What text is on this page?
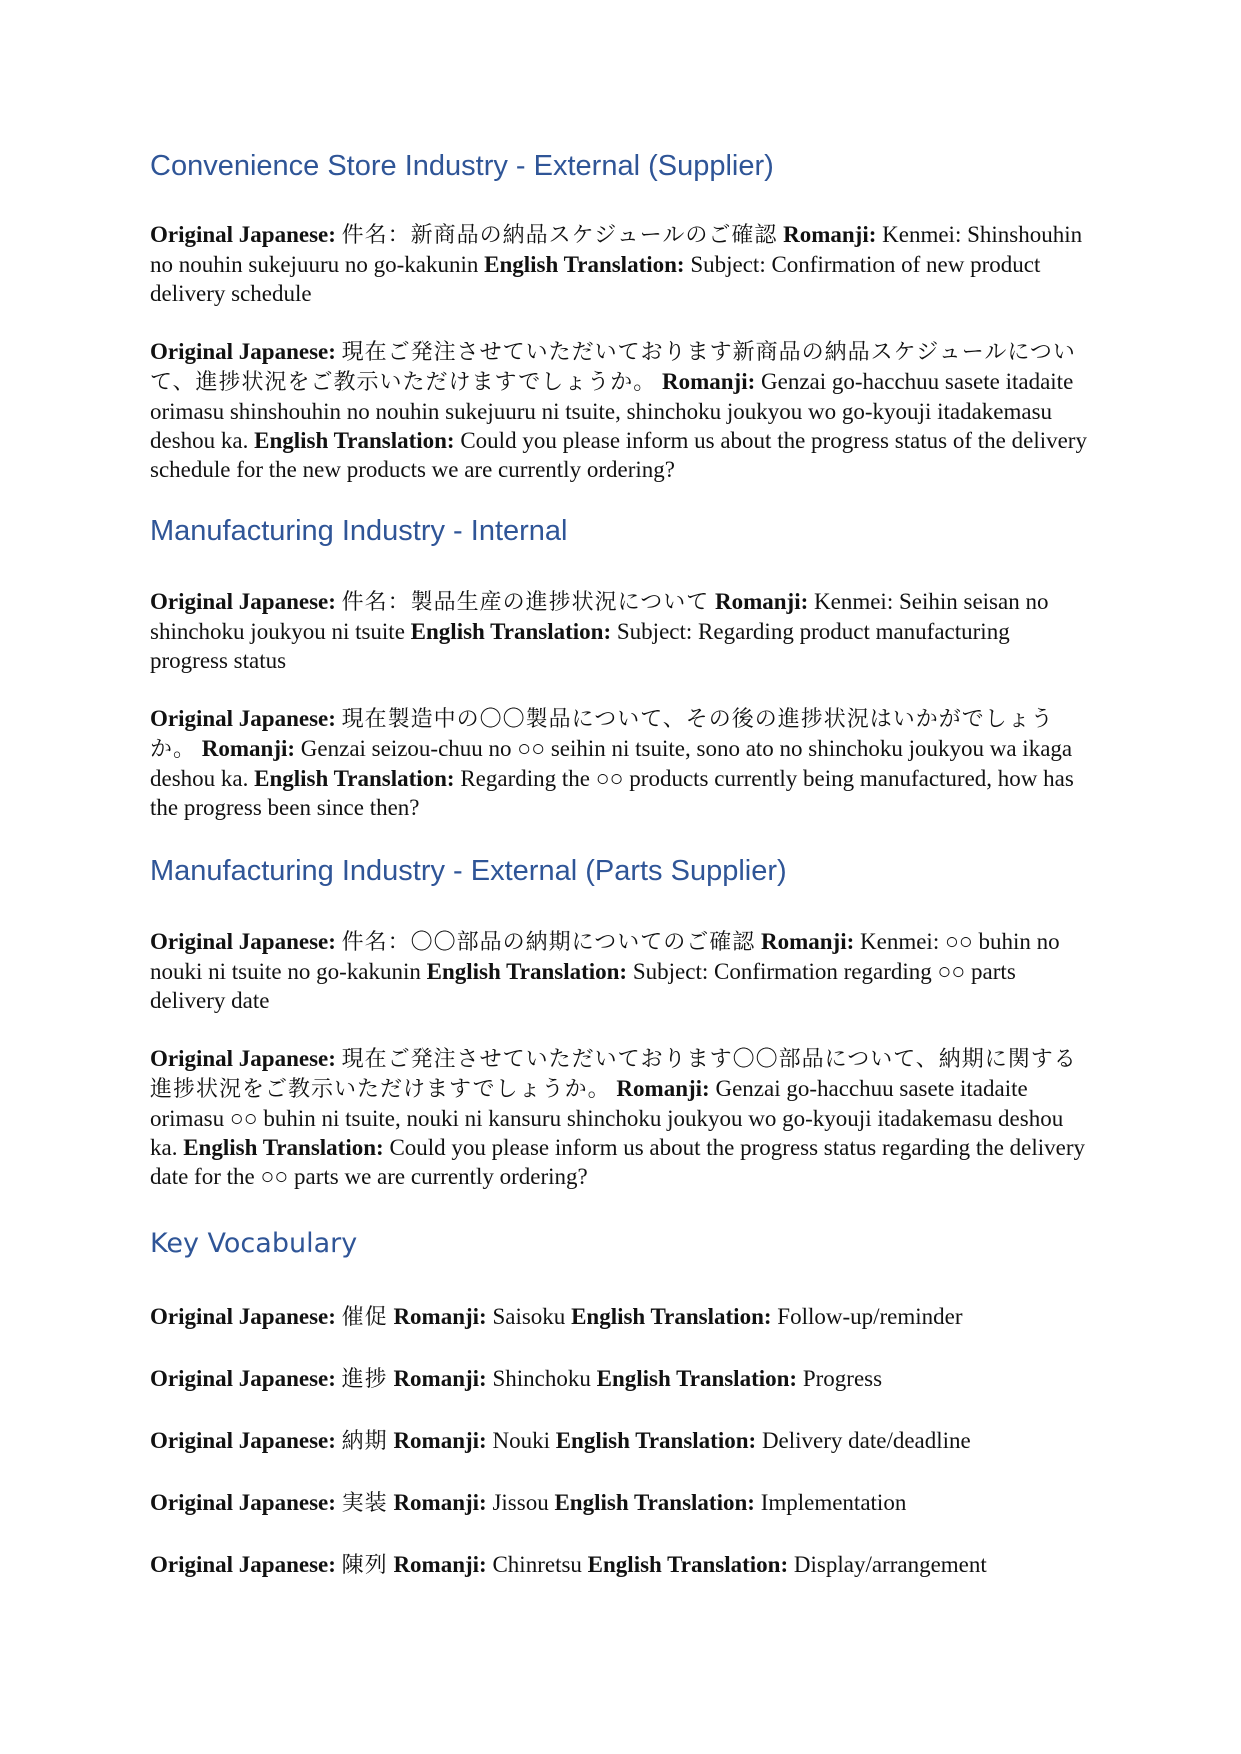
Convenience Store Industry - External (Supplier)

Original Japanese: 件名：新商品の納品スケジュールのご確認 Romanji: Kenmei: Shinshouhin no nouhin sukejuuru no go-kakunin English Translation: Subject: Confirmation of new product delivery schedule

Original Japanese: 現在ご発注させていただいております新商品の納品スケジュールについて、進捗状況をご教示いただけますでしょうか。 Romanji: Genzai go-hacchuu sasete itadaite orimasu shinshouhin no nouhin sukejuuru ni tsuite, shinchoku joukyou wo go-kyouji itadakemasu deshou ka. English Translation: Could you please inform us about the progress status of the delivery schedule for the new products we are currently ordering?

Manufacturing Industry - Internal

Original Japanese: 件名：製品生産の進捗状況について Romanji: Kenmei: Seihin seisan no shinchoku joukyou ni tsuite English Translation: Subject: Regarding product manufacturing progress status

Original Japanese: 現在製造中の〇〇製品について、その後の進捗状況はいかがでしょうか。 Romanji: Genzai seizou-chuu no ○○ seihin ni tsuite, sono ato no shinchoku joukyou wa ikaga deshou ka. English Translation: Regarding the ○○ products currently being manufactured, how has the progress been since then?

Manufacturing Industry - External (Parts Supplier)

Original Japanese: 件名：〇〇部品の納期についてのご確認 Romanji: Kenmei: ○○ buhin no nouki ni tsuite no go-kakunin English Translation: Subject: Confirmation regarding ○○ parts delivery date

Original Japanese: 現在ご発注させていただいております〇〇部品について、納期に関する進捗状況をご教示いただけますでしょうか。 Romanji: Genzai go-hacchuu sasete itadaite orimasu ○○ buhin ni tsuite, nouki ni kansuru shinchoku joukyou wo go-kyouji itadakemasu deshou ka. English Translation: Could you please inform us about the progress status regarding the delivery date for the ○○ parts we are currently ordering?

Key Vocabulary

Original Japanese: 催促 Romanji: Saisoku English Translation: Follow-up/reminder

Original Japanese: 進捗 Romanji: Shinchoku English Translation: Progress

Original Japanese: 納期 Romanji: Nouki English Translation: Delivery date/deadline

Original Japanese: 実装 Romanji: Jissou English Translation: Implementation

Original Japanese: 陳列 Romanji: Chinretsu English Translation: Display/arrangement
